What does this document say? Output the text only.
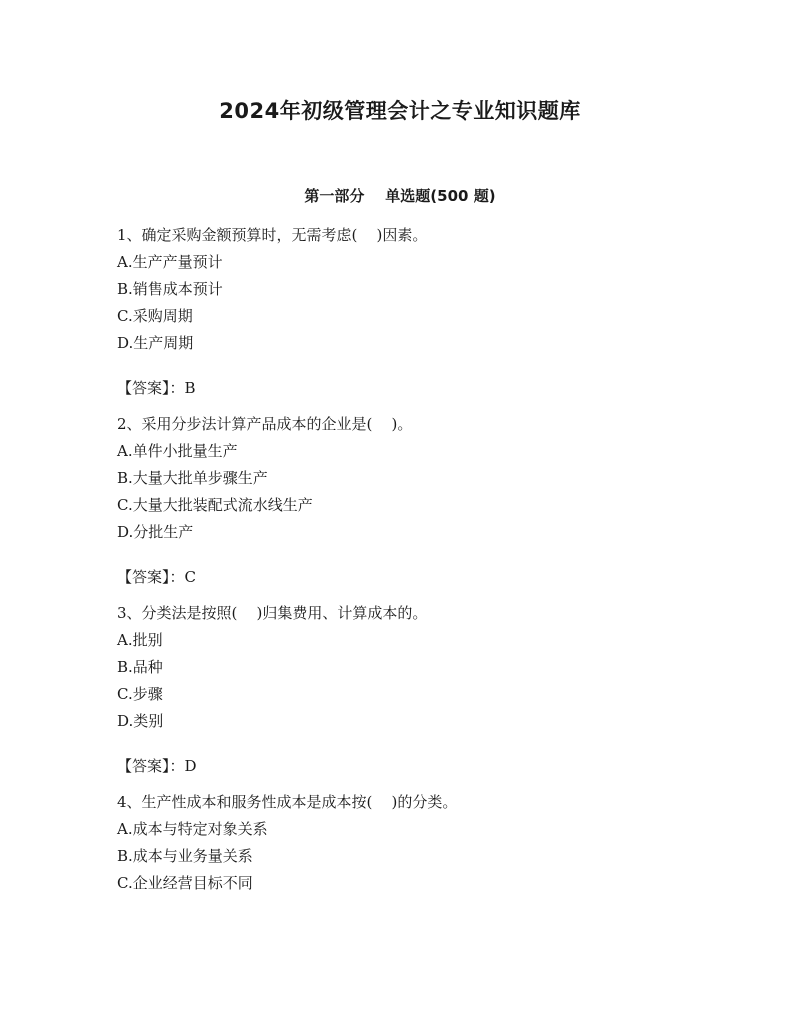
2024年初级管理会计之专业知识题库
第一部分    单选题(500 题)

1、确定采购金额预算时，无需考虑(    )因素。

A.生产产量预计

B.销售成本预计

C.采购周期

D.生产周期

【答案】：B

2、采用分步法计算产品成本的企业是(    )。

A.单件小批量生产

B.大量大批单步骤生产

C.大量大批装配式流水线生产

D.分批生产

【答案】：C

3、分类法是按照(    )归集费用、计算成本的。

A.批别

B.品种

C.步骤

D.类别

【答案】：D

4、生产性成本和服务性成本是成本按(    )的分类。

A.成本与特定对象关系

B.成本与业务量关系

C.企业经营目标不同
